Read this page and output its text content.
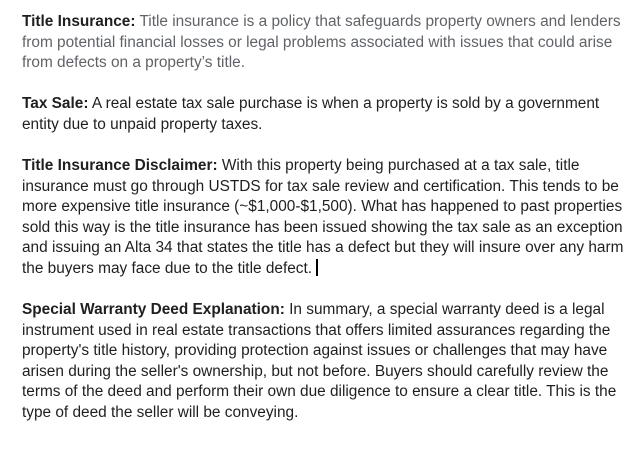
Title Insurance: Title insurance is a policy that safeguards property owners and lenders from potential financial losses or legal problems associated with issues that could arise from defects on a property’s title.

Tax Sale: A real estate tax sale purchase is when a property is sold by a government entity due to unpaid property taxes.

Title Insurance Disclaimer: With this property being purchased at a tax sale, title insurance must go through USTDS for tax sale review and certification. This tends to be more expensive title insurance (~$1,000-$1,500). What has happened to past properties sold this way is the title insurance has been issued showing the tax sale as an exception and issuing an Alta 34 that states the title has a defect but they will insure over any harm the buyers may face due to the title defect.

Special Warranty Deed Explanation: In summary, a special warranty deed is a legal instrument used in real estate transactions that offers limited assurances regarding the property's title history, providing protection against issues or challenges that may have arisen during the seller's ownership, but not before. Buyers should carefully review the terms of the deed and perform their own due diligence to ensure a clear title. This is the type of deed the seller will be conveying.
